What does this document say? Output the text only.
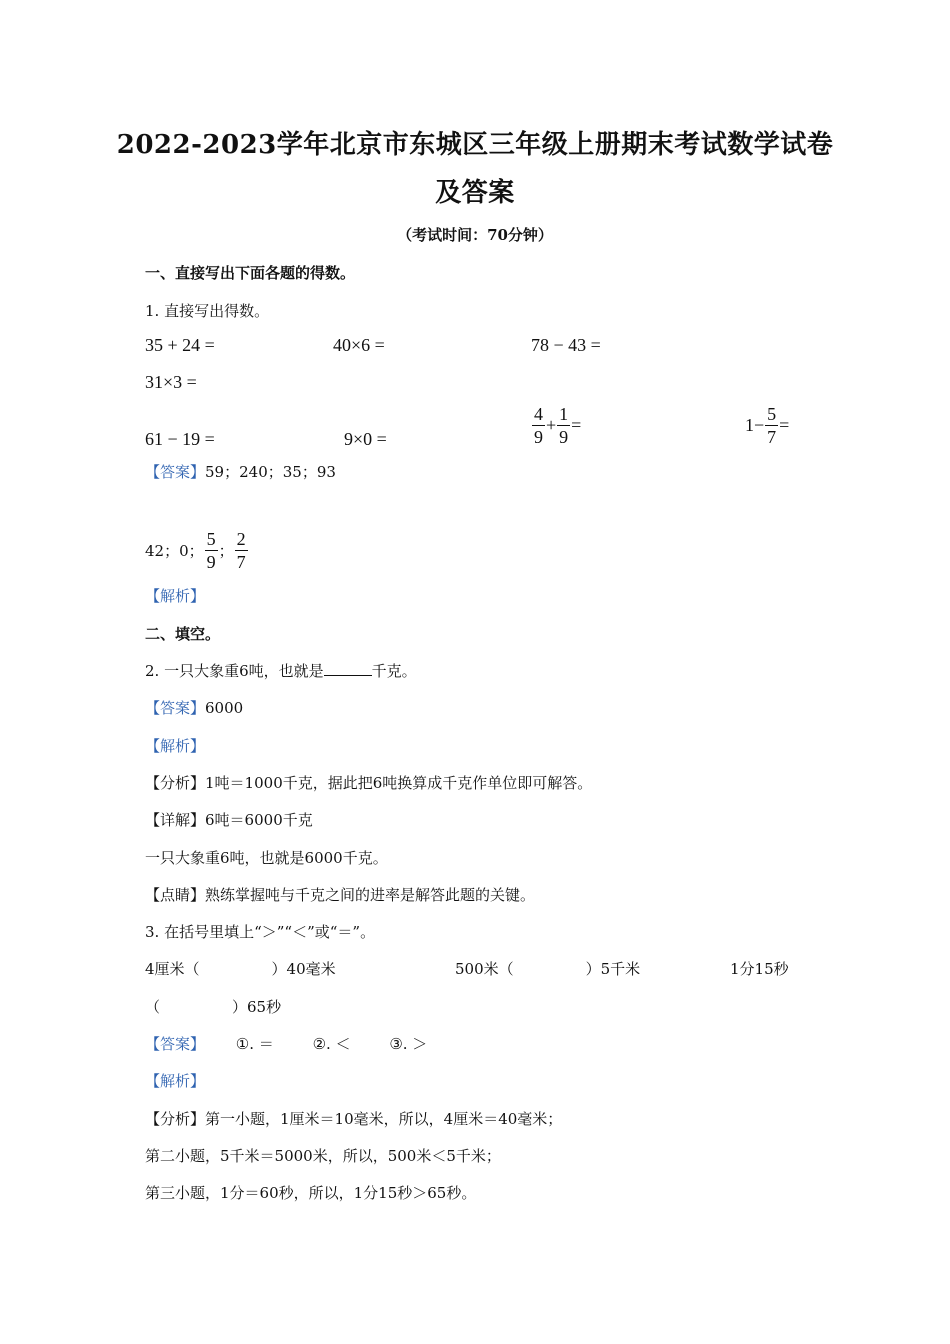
2022-2023学年北京市东城区三年级上册期末考试数学试卷
及答案
（考试时间：70分钟）
一、直接写出下面各题的得数。
1. 直接写出得数。
35 + 24 =	40×6 =	78 − 43 =
31×3 =
61 − 19 =	9×0 =	$\frac{4}{9} + \frac{1}{9}$ =	$1- \frac{5}{7}$ =
【答案】59；240；35；93
42；0； $\frac{5}{9}$ ； $\frac{2}{7}$
【解析】
二、填空。
2. 一只大象重6吨，也就是	千克。
【答案】6000
【解析】
【分析】1吨＝1000千克，据此把6吨换算成千克作单位即可解答。
【详解】6吨＝6000千克
一只大象重6吨，也就是6000千克。
【点睛】熟练掌握吨与千克之间的进率是解答此题的关键。
3. 在括号里填上“＞”“＜”或“＝”。
4厘米（	）40毫米	500米（	）5千米	1分15秒
（	）65秒
【答案】 ①. ＝	②. ＜	③. ＞
【解析】
【分析】第一小题，1厘米＝10毫米，所以，4厘米＝40毫米；
第二小题，5千米＝5000米，所以，500米＜5千米；
第三小题，1分＝60秒，所以，1分15秒＞65秒。
